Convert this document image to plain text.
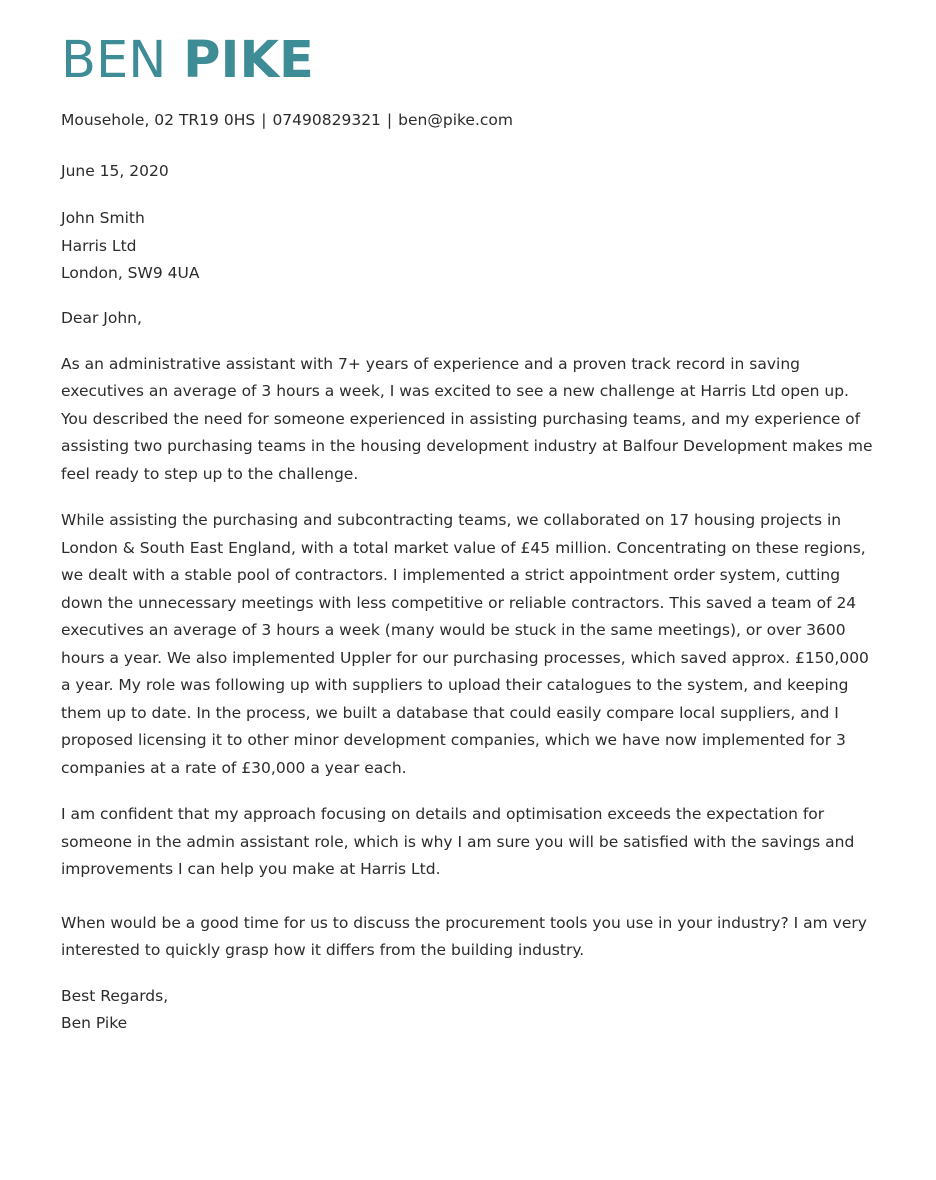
BEN PIKE
Mousehole, 02 TR19 0HS | 07490829321 | ben@pike.com
June 15, 2020
John Smith
Harris Ltd
London, SW9 4UA
Dear John,

As an administrative assistant with 7+ years of experience and a proven track record in saving executives an average of 3 hours a week, I was excited to see a new challenge at Harris Ltd open up. You described the need for someone experienced in assisting purchasing teams, and my experience of assisting two purchasing teams in the housing development industry at Balfour Development makes me feel ready to step up to the challenge.

While assisting the purchasing and subcontracting teams, we collaborated on 17 housing projects in London & South East England, with a total market value of £45 million. Concentrating on these regions, we dealt with a stable pool of contractors. I implemented a strict appointment order system, cutting down the unnecessary meetings with less competitive or reliable contractors. This saved a team of 24 executives an average of 3 hours a week (many would be stuck in the same meetings), or over 3600 hours a year. We also implemented Uppler for our purchasing processes, which saved approx. £150,000 a year. My role was following up with suppliers to upload their catalogues to the system, and keeping them up to date. In the process, we built a database that could easily compare local suppliers, and I proposed licensing it to other minor development companies, which we have now implemented for 3 companies at a rate of £30,000 a year each.

I am confident that my approach focusing on details and optimisation exceeds the expectation for someone in the admin assistant role, which is why I am sure you will be satisfied with the savings and improvements I can help you make at Harris Ltd.

When would be a good time for us to discuss the procurement tools you use in your industry? I am very interested to quickly grasp how it differs from the building industry.

Best Regards,
Ben Pike
